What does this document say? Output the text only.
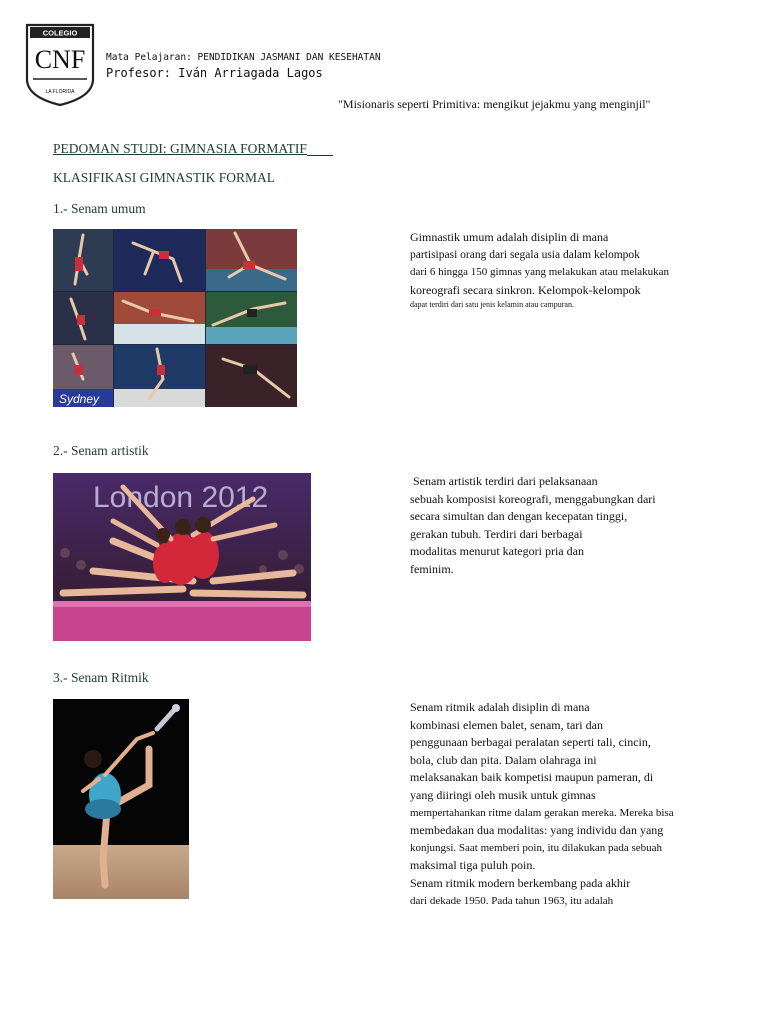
COLEGIO
CNF
LA FLORIDA
Mata Pelajaran: PENDIDIKAN JASMANI DAN KESEHATAN
Profesor: Iván Arriagada Lagos
"Misionaris seperti Primitiva: mengikut jejakmu yang menginjil"
PEDOMAN STUDI: GIMNASIA FORMATIF
KLASIFIKASI GIMNASTIK FORMAL
1.- Senam umum
Sydney
Gimnastik umum adalah disiplin di mana
partisipasi orang dari segala usia dalam kelompok
dari 6 hingga 150 gimnas yang melakukan atau melakukan
koreografi secara sinkron. Kelompok-kelompok
dapat terdiri dari satu jenis kelamin atau campuran.
2.- Senam artistik
London 2012	Senam artistik terdiri dari pelaksanaan
sebuah komposisi koreografi, menggabungkan dari
secara simultan dan dengan kecepatan tinggi,
gerakan tubuh. Terdiri dari berbagai
modalitas menurut kategori pria dan
feminim.
3.- Senam Ritmik
Senam ritmik adalah disiplin di mana
kombinasi elemen balet, senam, tari dan
penggunaan berbagai peralatan seperti tali, cincin,
bola, club dan pita. Dalam olahraga ini
melaksanakan baik kompetisi maupun pameran, di
yang diiringi oleh musik untuk gimnas
mempertahankan ritme dalam gerakan mereka. Mereka bisa
membedakan dua modalitas: yang individu dan yang
konjungsi. Saat memberi poin, itu dilakukan pada sebuah
maksimal tiga puluh poin.
Senam ritmik modern berkembang pada akhir
dari dekade 1950. Pada tahun 1963, itu adalah
